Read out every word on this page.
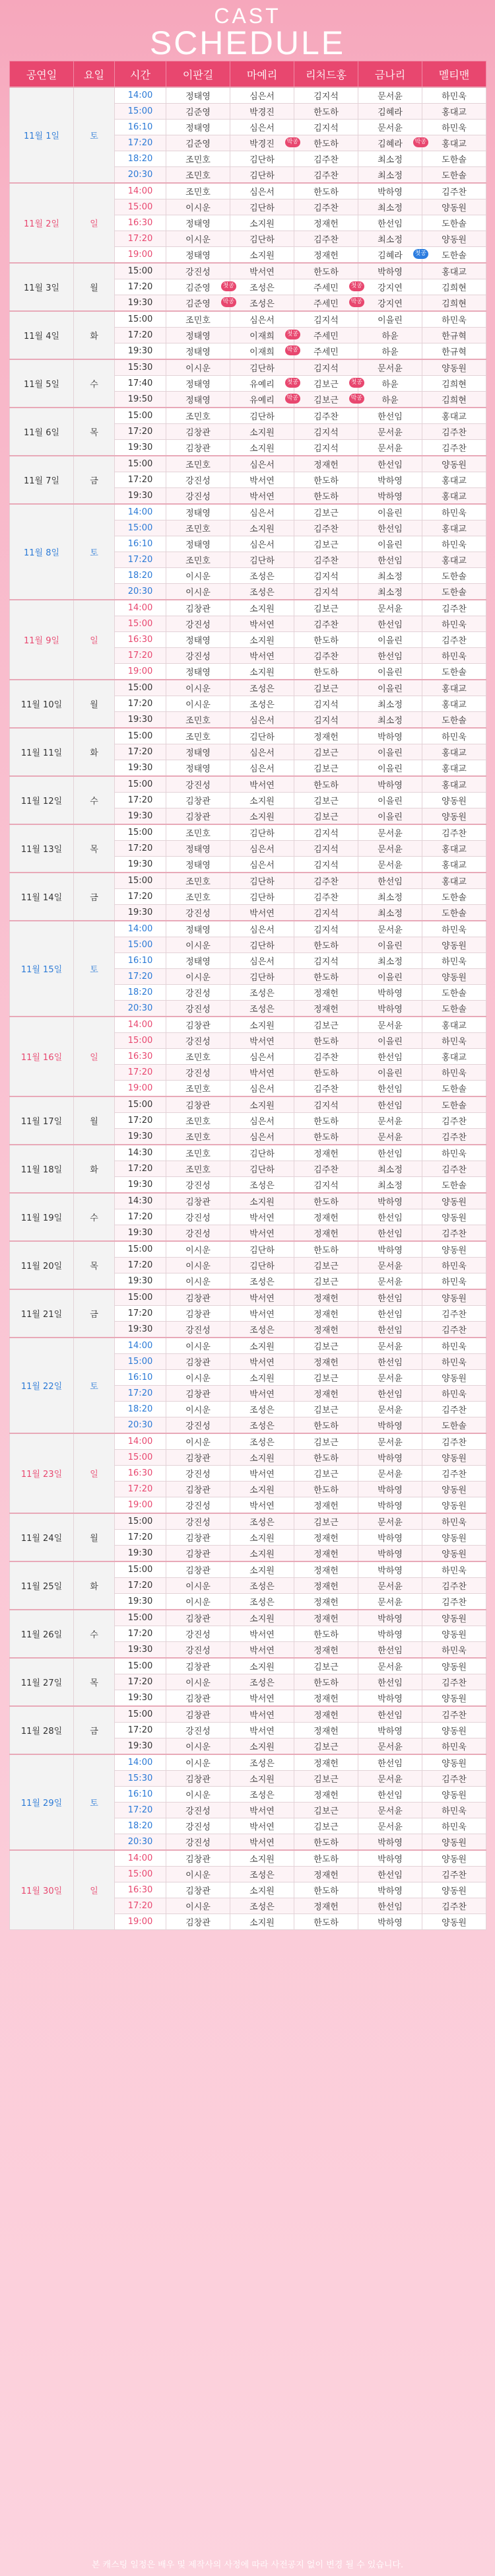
CAST
SCHEDULE
공연일	요일	시간	이판길	마예리	리처드홍	금나리	멜티맨
11월 1일	토	14:00	정태영	심은서	김지석	문서윤	하민욱
		15:00	김준영	박경진	한도하	김혜라	홍대교
		16:10	정태영	심은서	김지석	문서윤	하민욱
		17:20	김준영	박경진 막공	한도하	김혜라 막공	홍대교
		18:20	조민호	김단하	김주찬	최소정	도한솔
		20:30	조민호	김단하	김주찬	최소정	도한솔
11월 2일	일	14:00	조민호	심은서	한도하	박하영	김주찬
		15:00	이시운	김단하	김주찬	최소정	양동원
		16:30	정태영	소지원	정재헌	한선임	도한솔
		17:20	이시운	김단하	김주찬	최소정	양동원
		19:00	정태영	소지원	정재헌	김혜라 첫공	도한솔
11월 3일	월	15:00	강진성	박서연	한도하	박하영	홍대교
		17:20	김준영 첫공	조성은	주세민 첫공	강지연	김희현
		19:30	김준영 막공	조성은	주세민 막공	강지연	김희현
11월 4일	화	15:00	조민호	심은서	김지석	이을린	하민욱
		17:20	정태영	이재희 첫공	주세민	하윤	한규혁
		19:30	정태영	이재희 막공	주세민	하윤	한규혁
11월 5일	수	15:30	이시운	김단하	김지석	문서윤	양동원
		17:40	정태영	유예리 첫공	김보근 첫공	하윤	김희현
		19:50	정태영	유예리 막공	김보근 막공	하윤	김희현
11월 6일	목	15:00	조민호	김단하	김주찬	한선임	홍대교
		17:20	김창관	소지원	김지석	문서윤	김주찬
		19:30	김창관	소지원	김지석	문서윤	김주찬
11월 7일	금	15:00	조민호	심은서	정재헌	한선임	양동원
		17:20	강진성	박서연	한도하	박하영	홍대교
		19:30	강진성	박서연	한도하	박하영	홍대교
11월 8일	토	14:00	정태영	심은서	김보근	이을린	하민욱
		15:00	조민호	소지원	김주찬	한선임	홍대교
		16:10	정태영	심은서	김보근	이을린	하민욱
		17:20	조민호	김단하	김주찬	한선임	홍대교
		18:20	이시운	조성은	김지석	최소정	도한솔
		20:30	이시운	조성은	김지석	최소정	도한솔
11월 9일	일	14:00	김창관	소지원	김보근	문서윤	김주찬
		15:00	강진성	박서연	김주찬	한선임	하민욱
		16:30	정태영	소지원	한도하	이을린	김주찬
		17:20	강진성	박서연	김주찬	한선임	하민욱
		19:00	정태영	소지원	한도하	이을린	도한솔
11월 10일	월	15:00	이시운	조성은	김보근	이을린	홍대교
		17:20	이시운	조성은	김지석	최소정	홍대교
		19:30	조민호	심은서	김지석	최소정	도한솔
11월 11일	화	15:00	조민호	김단하	정재헌	박하영	하민욱
		17:20	정태영	심은서	김보근	이을린	홍대교
		19:30	정태영	심은서	김보근	이을린	홍대교
11월 12일	수	15:00	강진성	박서연	한도하	박하영	홍대교
		17:20	김창관	소지원	김보근	이을린	양동원
		19:30	김창관	소지원	김보근	이을린	양동원
11월 13일	목	15:00	조민호	김단하	김지석	문서윤	김주찬
		17:20	정태영	심은서	김지석	문서윤	홍대교
		19:30	정태영	심은서	김지석	문서윤	홍대교
11월 14일	금	15:00	조민호	김단하	김주찬	한선임	홍대교
		17:20	조민호	김단하	김주찬	최소정	도한솔
		19:30	강진성	박서연	김지석	최소정	도한솔
11월 15일	토	14:00	정태영	심은서	김지석	문서윤	하민욱
		15:00	이시운	김단하	한도하	이을린	양동원
		16:10	정태영	심은서	김지석	최소정	하민욱
		17:20	이시운	김단하	한도하	이을린	양동원
		18:20	강진성	조성은	정재헌	박하영	도한솔
		20:30	강진성	조성은	정재헌	박하영	도한솔
11월 16일	일	14:00	김창관	소지원	김보근	문서윤	홍대교
		15:00	강진성	박서연	한도하	이을린	하민욱
		16:30	조민호	심은서	김주찬	한선임	홍대교
		17:20	강진성	박서연	한도하	이을린	하민욱
		19:00	조민호	심은서	김주찬	한선임	도한솔
11월 17일	월	15:00	김창관	소지원	김지석	한선임	도한솔
		17:20	조민호	심은서	한도하	문서윤	김주찬
		19:30	조민호	심은서	한도하	문서윤	김주찬
11월 18일	화	14:30	조민호	김단하	정재헌	한선임	하민욱
		17:20	조민호	김단하	김주찬	최소정	김주찬
		19:30	강진성	조성은	김지석	최소정	도한솔
11월 19일	수	14:30	김창관	소지원	한도하	박하영	양동원
		17:20	강진성	박서연	정재헌	한선임	양동원
		19:30	강진성	박서연	정재헌	한선임	김주찬
11월 20일	목	15:00	이시운	김단하	한도하	박하영	양동원
		17:20	이시운	김단하	김보근	문서윤	하민욱
		19:30	이시운	조성은	김보근	문서윤	하민욱
11월 21일	금	15:00	김창관	박서연	정재헌	한선임	양동원
		17:20	김창관	박서연	정재헌	한선임	김주찬
		19:30	강진성	조성은	정재헌	한선임	김주찬
11월 22일	토	14:00	이시운	소지원	김보근	문서윤	하민욱
		15:00	김창관	박서연	정재헌	한선임	하민욱
		16:10	이시운	소지원	김보근	문서윤	양동원
		17:20	김창관	박서연	정재헌	한선임	하민욱
		18:20	이시운	조성은	김보근	문서윤	김주찬
		20:30	강진성	조성은	한도하	박하영	도한솔
11월 23일	일	14:00	이시운	조성은	김보근	문서윤	김주찬
		15:00	김창관	소지원	한도하	박하영	양동원
		16:30	강진성	박서연	김보근	문서윤	김주찬
		17:20	김창관	소지원	한도하	박하영	양동원
		19:00	강진성	박서연	정재헌	박하영	양동원
11월 24일	월	15:00	강진성	조성은	김보근	문서윤	하민욱
		17:20	김창관	소지원	정재헌	박하영	양동원
		19:30	김창관	소지원	정재헌	박하영	양동원
11월 25일	화	15:00	김창관	소지원	정재헌	박하영	하민욱
		17:20	이시운	조성은	정재헌	문서윤	김주찬
		19:30	이시운	조성은	정재헌	문서윤	김주찬
11월 26일	수	15:00	김창관	소지원	정재헌	박하영	양동원
		17:20	강진성	박서연	한도하	박하영	양동원
		19:30	강진성	박서연	정재헌	한선임	하민욱
11월 27일	목	15:00	김창관	소지원	김보근	문서윤	양동원
		17:20	이시운	조성은	한도하	한선임	김주찬
		19:30	김창관	박서연	정재헌	박하영	양동원
11월 28일	금	15:00	김창관	박서연	정재헌	한선임	김주찬
		17:20	강진성	박서연	정재헌	박하영	양동원
		19:30	이시운	소지원	김보근	문서윤	하민욱
11월 29일	토	14:00	이시운	조성은	정재헌	한선임	양동원
		15:30	김창관	소지원	김보근	문서윤	김주찬
		16:10	이시운	조성은	정재헌	한선임	양동원
		17:20	강진성	박서연	김보근	문서윤	하민욱
		18:20	강진성	박서연	김보근	문서윤	하민욱
		20:30	강진성	박서연	한도하	박하영	양동원
11월 30일	일	14:00	김창관	소지원	한도하	박하영	양동원
		15:00	이시운	조성은	정재헌	한선임	김주찬
		16:30	김창관	소지원	한도하	박하영	양동원
		17:20	이시운	조성은	정재헌	한선임	김주찬
		19:00	김창관	소지원	한도하	박하영	양동원
본 캐스팅 일정은 배우 및 제작사의 사정에 따라 사전공지 없이 변경 될 수 있습니다.
